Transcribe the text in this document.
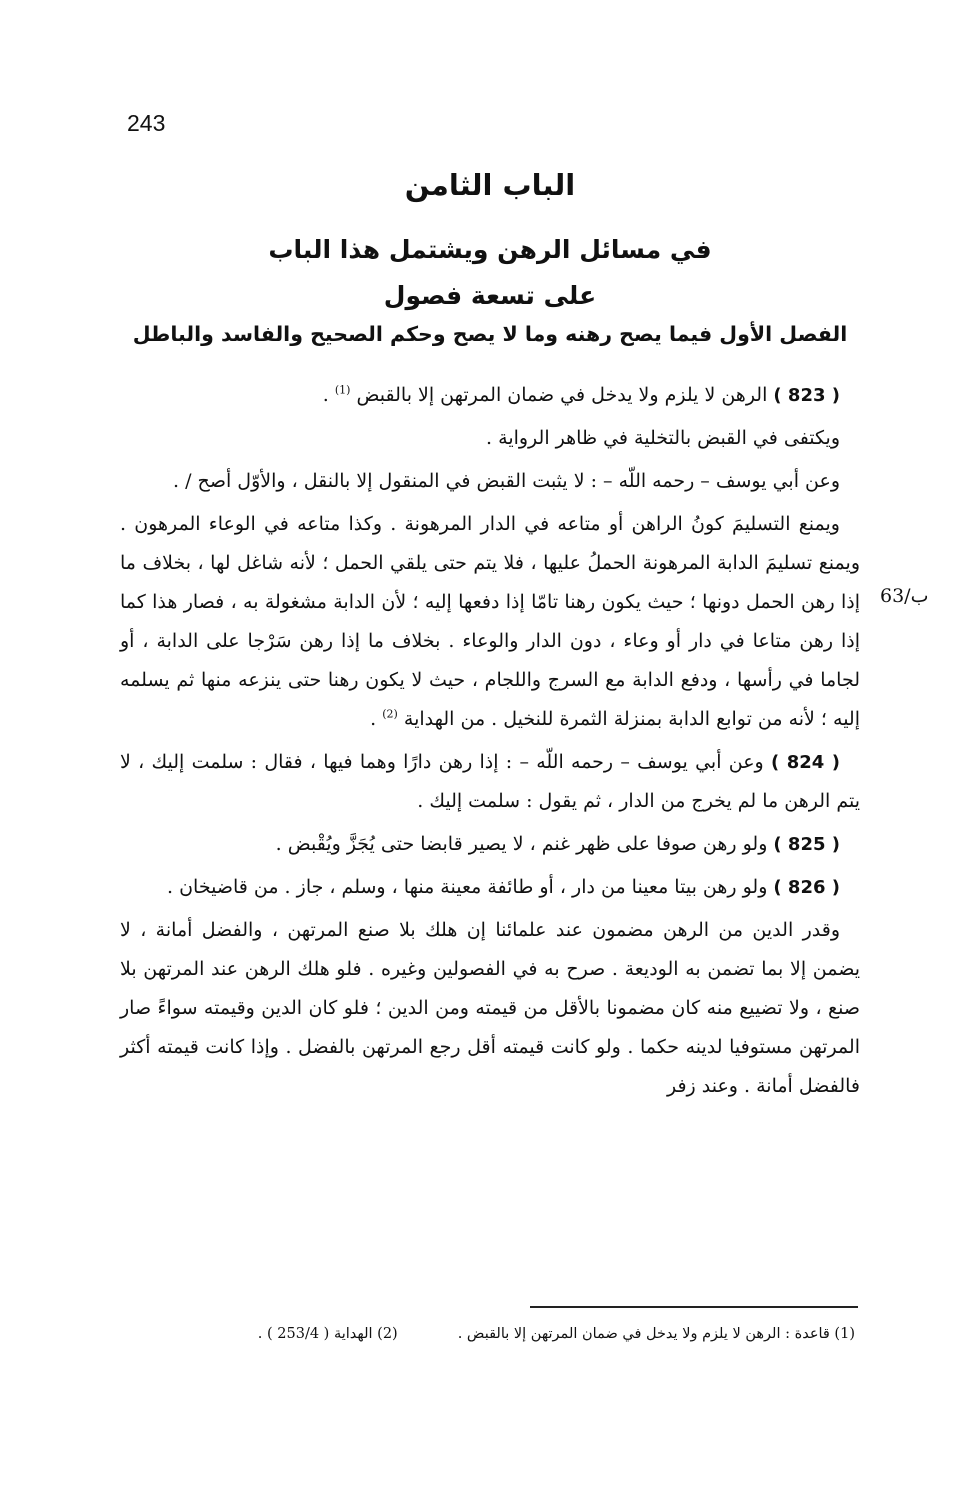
243
الباب الثامن
في مسائل الرهن ويشتمل هذا الباب
على تسعة فصول
الفصل الأول فيما يصح رهنه وما لا يصح وحكم الصحيح والفاسد والباطل
63/ب

( 823 ) الرهن لا يلزم ولا يدخل في ضمان المرتهن إلا بالقبض $^{(1)}$ .

ويكتفى في القبض بالتخلية في ظاهر الرواية .

وعن أبي يوسف – رحمه اللّه – : لا يثبت القبض في المنقول إلا بالنقل ، والأوّل أصح / .

ويمنع التسليمَ كونُ الراهن أو متاعه في الدار المرهونة . وكذا متاعه في الوعاء المرهون . ويمنع تسليمَ الدابة المرهونة الحملُ عليها ، فلا يتم حتى يلقي الحمل ؛ لأنه شاغل لها ، بخلاف ما إذا رهن الحمل دونها ؛ حيث يكون رهنا تامّا إذا دفعها إليه ؛ لأن الدابة مشغولة به ، فصار هذا كما إذا رهن متاعا في دار أو وعاء ، دون الدار والوعاء . بخلاف ما إذا رهن سَرْجا على الدابة ، أو لجاما في رأسها ، ودفع الدابة مع السرج واللجام ، حيث لا يكون رهنا حتى ينزعه منها ثم يسلمه إليه ؛ لأنه من توابع الدابة بمنزلة الثمرة للنخيل . من الهداية $^{(2)}$ .

( 824 ) وعن أبي يوسف – رحمه اللّه – : إذا رهن دارًا وهما فيها ، فقال : سلمت إليك ، لا يتم الرهن ما لم يخرج من الدار ، ثم يقول : سلمت إليك .

( 825 ) ولو رهن صوفا على ظهر غنم ، لا يصير قابضا حتى يُجَزَّ ويُقْبض .

( 826 ) ولو رهن بيتا معينا من دار ، أو طائفة معينة منها ، وسلم ، جاز . من قاضيخان .

وقدر الدين من الرهن مضمون عند علمائنا إن هلك بلا صنع المرتهن ، والفضل أمانة ، لا يضمن إلا بما تضمن به الوديعة . صرح به في الفصولين وغيره . فلو هلك الرهن عند المرتهن بلا صنع ، ولا تضييع منه كان مضمونا بالأقل من قيمته ومن الدين ؛ فلو كان الدين وقيمته سواءً صار المرتهن مستوفيا لدينه حكما . ولو كانت قيمته أقل رجع المرتهن بالفضل . وإذا كانت قيمته أكثر فالفضل أمانة . وعند زفر

(1) قاعدة : الرهن لا يلزم ولا يدخل في ضمان المرتهن إلا بالقبض .
(2) الهداية ( 253/4 ) .
